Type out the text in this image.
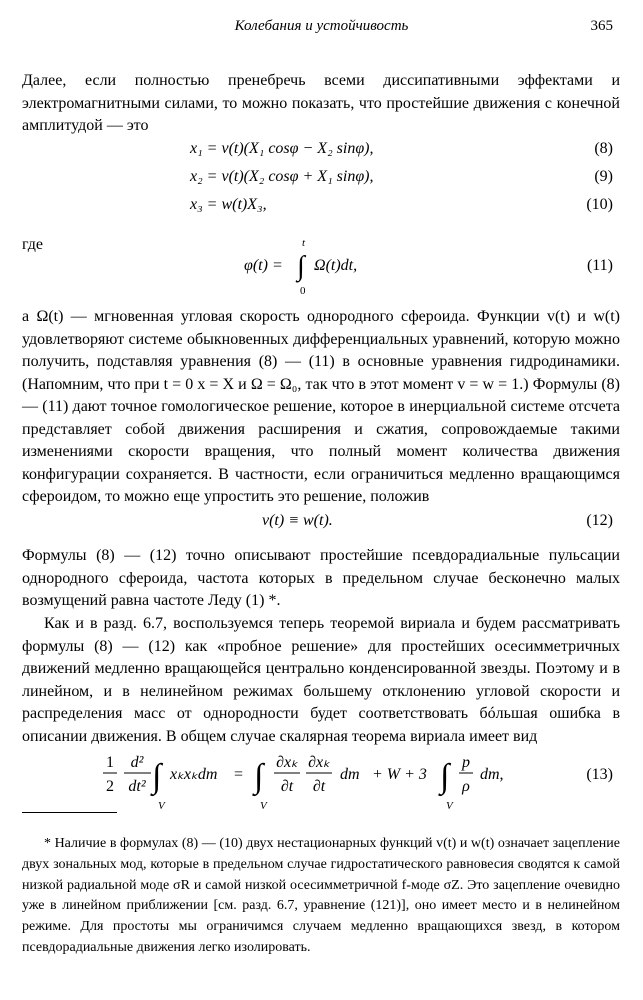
Колебания и устойчивость	365
Далее, если полностью пренебречь всеми диссипативными эффектами и электромагнитными силами, то можно показать, что простейшие движения с конечной амплитудой — это
x₁ = v(t)(X₁ cosφ − X₂ sinφ),	(8)
x₂ = v(t)(X₂ cosφ + X₁ sinφ),	(9)
x₃ = w(t)X₃,	(10)
где
φ(t) = ∫
t
0
Ω(t)dt,	(11)
а Ω(t) — мгновенная угловая скорость однородного сфероида. Функции v(t) и w(t) удовлетворяют системе обыкновенных дифференциальных уравнений, которую можно получить, подставляя уравнения (8) — (11) в основные уравнения гидродинамики. (Напомним, что при t = 0 x = X и Ω = Ω₀, так что в этот момент v = w = 1.) Формулы (8) — (11) дают точное гомологическое решение, которое в инерциальной системе отсчета представляет собой движения расширения и сжатия, сопровождаемые такими изменениями скорости вращения, что полный момент количества движения конфигурации сохраняется. В частности, если ограничиться медленно вращающимся сфероидом, то можно еще упростить это решение, положив
v(t) ≡ w(t).	(12)
Формулы (8) — (12) точно описывают простейшие псевдорадиальные пульсации однородного сфероида, частота которых в предельном случае бесконечно малых возмущений равна частоте Леду (1) *.
Как и в разд. 6.7, воспользуемся теперь теоремой вириала и будем рассматривать формулы (8) — (12) как «пробное решение» для простейших осесимметричных движений медленно вращающейся центрально конденсированной звезды. Поэтому и в линейном, и в нелинейном режимах большему отклонению угловой скорости и распределения масс от однородности будет соответствовать бóльшая ошибка в описании движения. В общем случае скалярная теорема вириала имеет вид
1
2
d²
dt² ∫
V
xₖxₖdm = ∫
V
∂xₖ
∂t
∂xₖ
∂t
dm + W + 3 ∫
V
p
ρ
dm,	(13)
* Наличие в формулах (8) — (10) двух нестационарных функций v(t) и w(t) означает зацепление двух зональных мод, которые в предельном случае гидростатического равновесия сводятся к самой низкой радиальной моде σR и самой низкой осесимметричной f-моде σZ. Это зацепление очевидно уже в линейном приближении [см. разд. 6.7, уравнение (121)], оно имеет место и в нелинейном режиме. Для простоты мы ограничимся случаем медленно вращающихся звезд, в котором псевдорадиальные движения легко изолировать.
